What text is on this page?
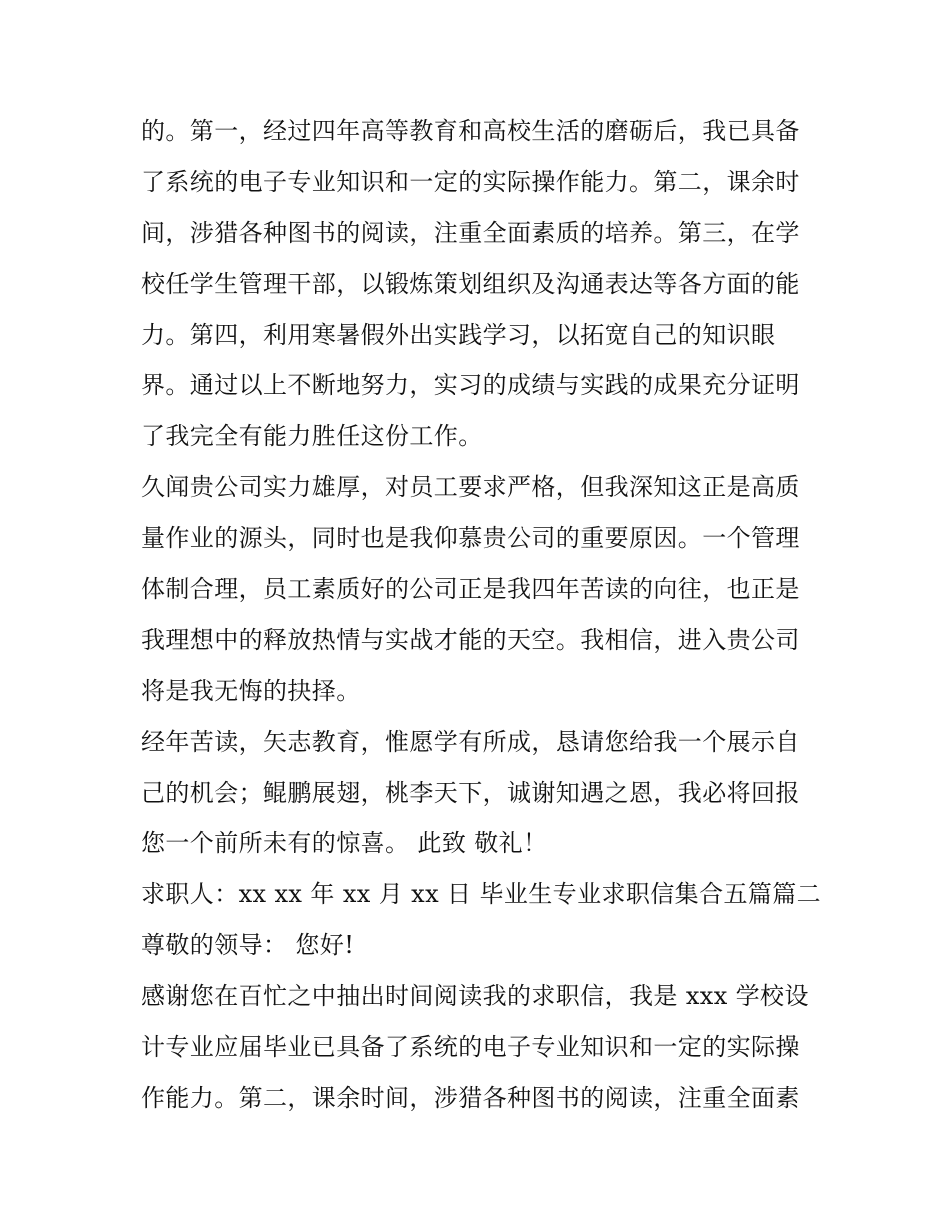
的。第一，经过四年高等教育和高校生活的磨砺后，我已具备
了系统的电子专业知识和一定的实际操作能力。第二，课余时
间，涉猎各种图书的阅读，注重全面素质的培养。第三，在学
校任学生管理干部，以锻炼策划组织及沟通表达等各方面的能
力。第四，利用寒暑假外出实践学习，以拓宽自己的知识眼
界。通过以上不断地努力，实习的成绩与实践的成果充分证明
了我完全有能力胜任这份工作。
久闻贵公司实力雄厚，对员工要求严格，但我深知这正是高质
量作业的源头，同时也是我仰慕贵公司的重要原因。一个管理
体制合理，员工素质好的公司正是我四年苦读的向往，也正是
我理想中的释放热情与实战才能的天空。我相信，进入贵公司
将是我无悔的抉择。
经年苦读，矢志教育，惟愿学有所成，恳请您给我一个展示自
己的机会；鲲鹏展翅，桃李天下，诚谢知遇之恩，我必将回报
您一个前所未有的惊喜。 此致 敬礼！
求职人：xx xx 年 xx 月 xx 日 毕业生专业求职信集合五篇篇二
尊敬的领导： 您好!
感谢您在百忙之中抽出时间阅读我的求职信，我是 xxx 学校设
计专业应届毕业已具备了系统的电子专业知识和一定的实际操
作能力。第二，课余时间，涉猎各种图书的阅读，注重全面素
